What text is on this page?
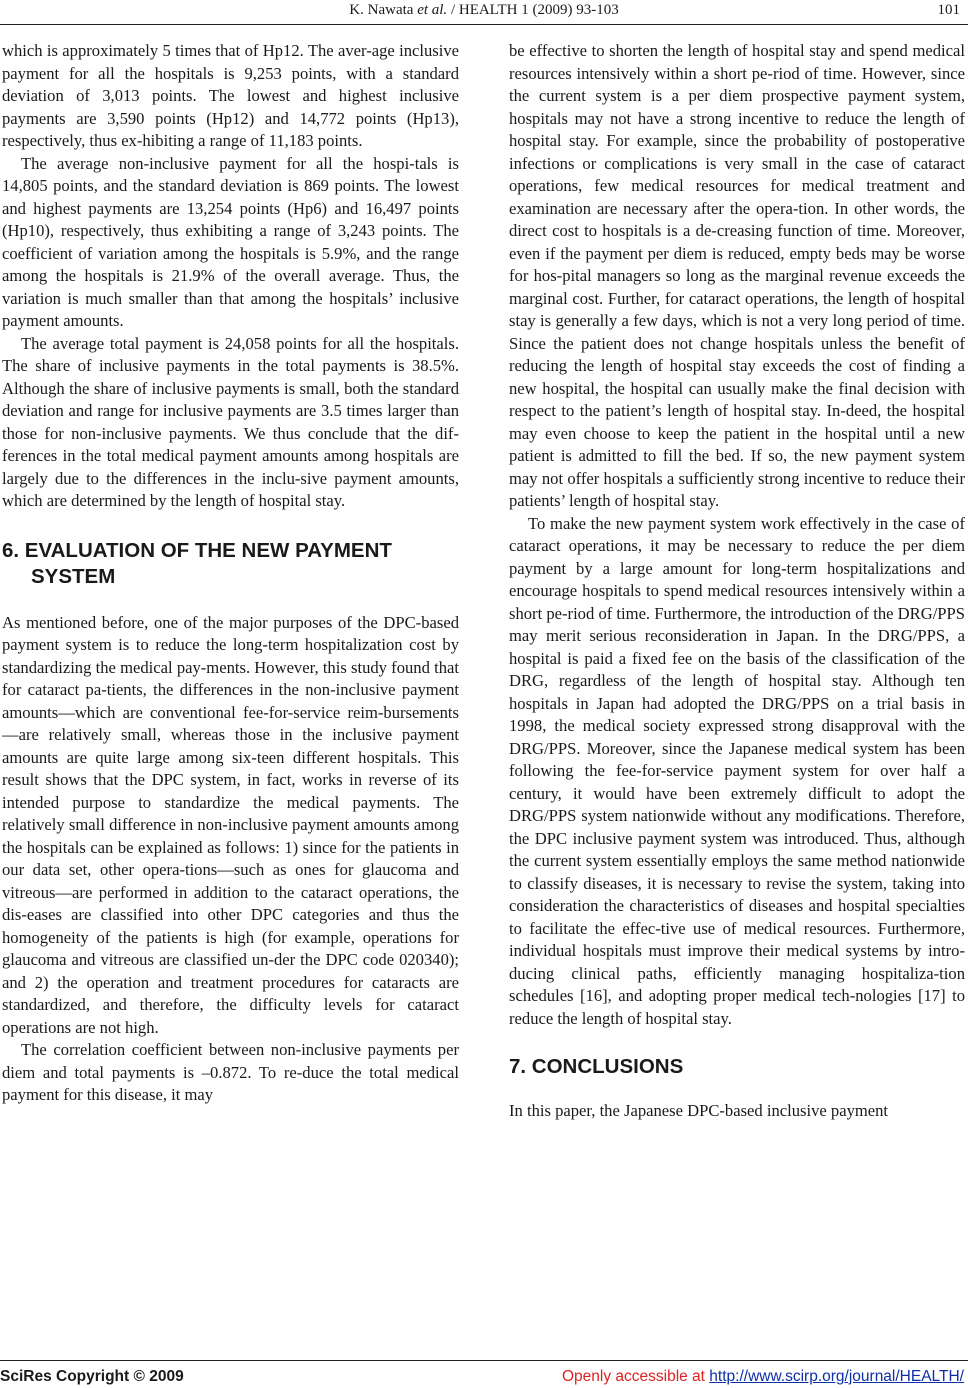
K. Nawata et al. / HEALTH 1 (2009) 93-103	101

which is approximately 5 times that of Hp12. The aver-age inclusive payment for all the hospitals is 9,253 points, with a standard deviation of 3,013 points. The lowest and highest inclusive payments are 3,590 points (Hp12) and 14,772 points (Hp13), respectively, thus ex-hibiting a range of 11,183 points.

The average non-inclusive payment for all the hospi-tals is 14,805 points, and the standard deviation is 869 points. The lowest and highest payments are 13,254 points (Hp6) and 16,497 points (Hp10), respectively, thus exhibiting a range of 3,243 points. The coefficient of variation among the hospitals is 5.9%, and the range among the hospitals is 21.9% of the overall average. Thus, the variation is much smaller than that among the hospitals’ inclusive payment amounts.

The average total payment is 24,058 points for all the hospitals. The share of inclusive payments in the total payments is 38.5%. Although the share of inclusive payments is small, both the standard deviation and range for inclusive payments are 3.5 times larger than those for non-inclusive payments. We thus conclude that the dif-ferences in the total medical payment amounts among hospitals are largely due to the differences in the inclu-sive payment amounts, which are determined by the length of hospital stay.

6. EVALUATION OF THE NEW PAYMENT SYSTEM

As mentioned before, one of the major purposes of the DPC-based payment system is to reduce the long-term hospitalization cost by standardizing the medical pay-ments. However, this study found that for cataract pa-tients, the differences in the non-inclusive payment amounts—which are conventional fee-for-service reim-bursements—are relatively small, whereas those in the inclusive payment amounts are quite large among six-teen different hospitals. This result shows that the DPC system, in fact, works in reverse of its intended purpose to standardize the medical payments. The relatively small difference in non-inclusive payment amounts among the hospitals can be explained as follows: 1) since for the patients in our data set, other opera-tions—such as ones for glaucoma and vitreous—are performed in addition to the cataract operations, the dis-eases are classified into other DPC categories and thus the homogeneity of the patients is high (for example, operations for glaucoma and vitreous are classified un-der the DPC code 020340); and 2) the operation and treatment procedures for cataracts are standardized, and therefore, the difficulty levels for cataract operations are not high.

The correlation coefficient between non-inclusive payments per diem and total payments is –0.872. To re-duce the total medical payment for this disease, it may

be effective to shorten the length of hospital stay and spend medical resources intensively within a short pe-riod of time. However, since the current system is a per diem prospective payment system, hospitals may not have a strong incentive to reduce the length of hospital stay. For example, since the probability of postoperative infections or complications is very small in the case of cataract operations, few medical resources for medical treatment and examination are necessary after the opera-tion. In other words, the direct cost to hospitals is a de-creasing function of time. Moreover, even if the payment per diem is reduced, empty beds may be worse for hos-pital managers so long as the marginal revenue exceeds the marginal cost. Further, for cataract operations, the length of hospital stay is generally a few days, which is not a very long period of time. Since the patient does not change hospitals unless the benefit of reducing the length of hospital stay exceeds the cost of finding a new hospital, the hospital can usually make the final decision with respect to the patient’s length of hospital stay. In-deed, the hospital may even choose to keep the patient in the hospital until a new patient is admitted to fill the bed. If so, the new payment system may not offer hospitals a sufficiently strong incentive to reduce their patients’ length of hospital stay.

To make the new payment system work effectively in the case of cataract operations, it may be necessary to reduce the per diem payment by a large amount for long-term hospitalizations and encourage hospitals to spend medical resources intensively within a short pe-riod of time. Furthermore, the introduction of the DRG/PPS may merit serious reconsideration in Japan. In the DRG/PPS, a hospital is paid a fixed fee on the basis of the classification of the DRG, regardless of the length of hospital stay. Although ten hospitals in Japan had adopted the DRG/PPS on a trial basis in 1998, the medical society expressed strong disapproval with the DRG/PPS. Moreover, since the Japanese medical system has been following the fee-for-service payment system for over half a century, it would have been extremely difficult to adopt the DRG/PPS system nationwide without any modifications. Therefore, the DPC inclusive payment system was introduced. Thus, although the current system essentially employs the same method nationwide to classify diseases, it is necessary to revise the system, taking into consideration the characteristics of diseases and hospital specialties to facilitate the effec-tive use of medical resources. Furthermore, individual hospitals must improve their medical systems by intro-ducing clinical paths, efficiently managing hospitaliza-tion schedules [16], and adopting proper medical tech-nologies [17] to reduce the length of hospital stay.

7. CONCLUSIONS

In this paper, the Japanese DPC-based inclusive payment

SciRes Copyright © 2009	Openly accessible at http://www.scirp.org/journal/HEALTH/
